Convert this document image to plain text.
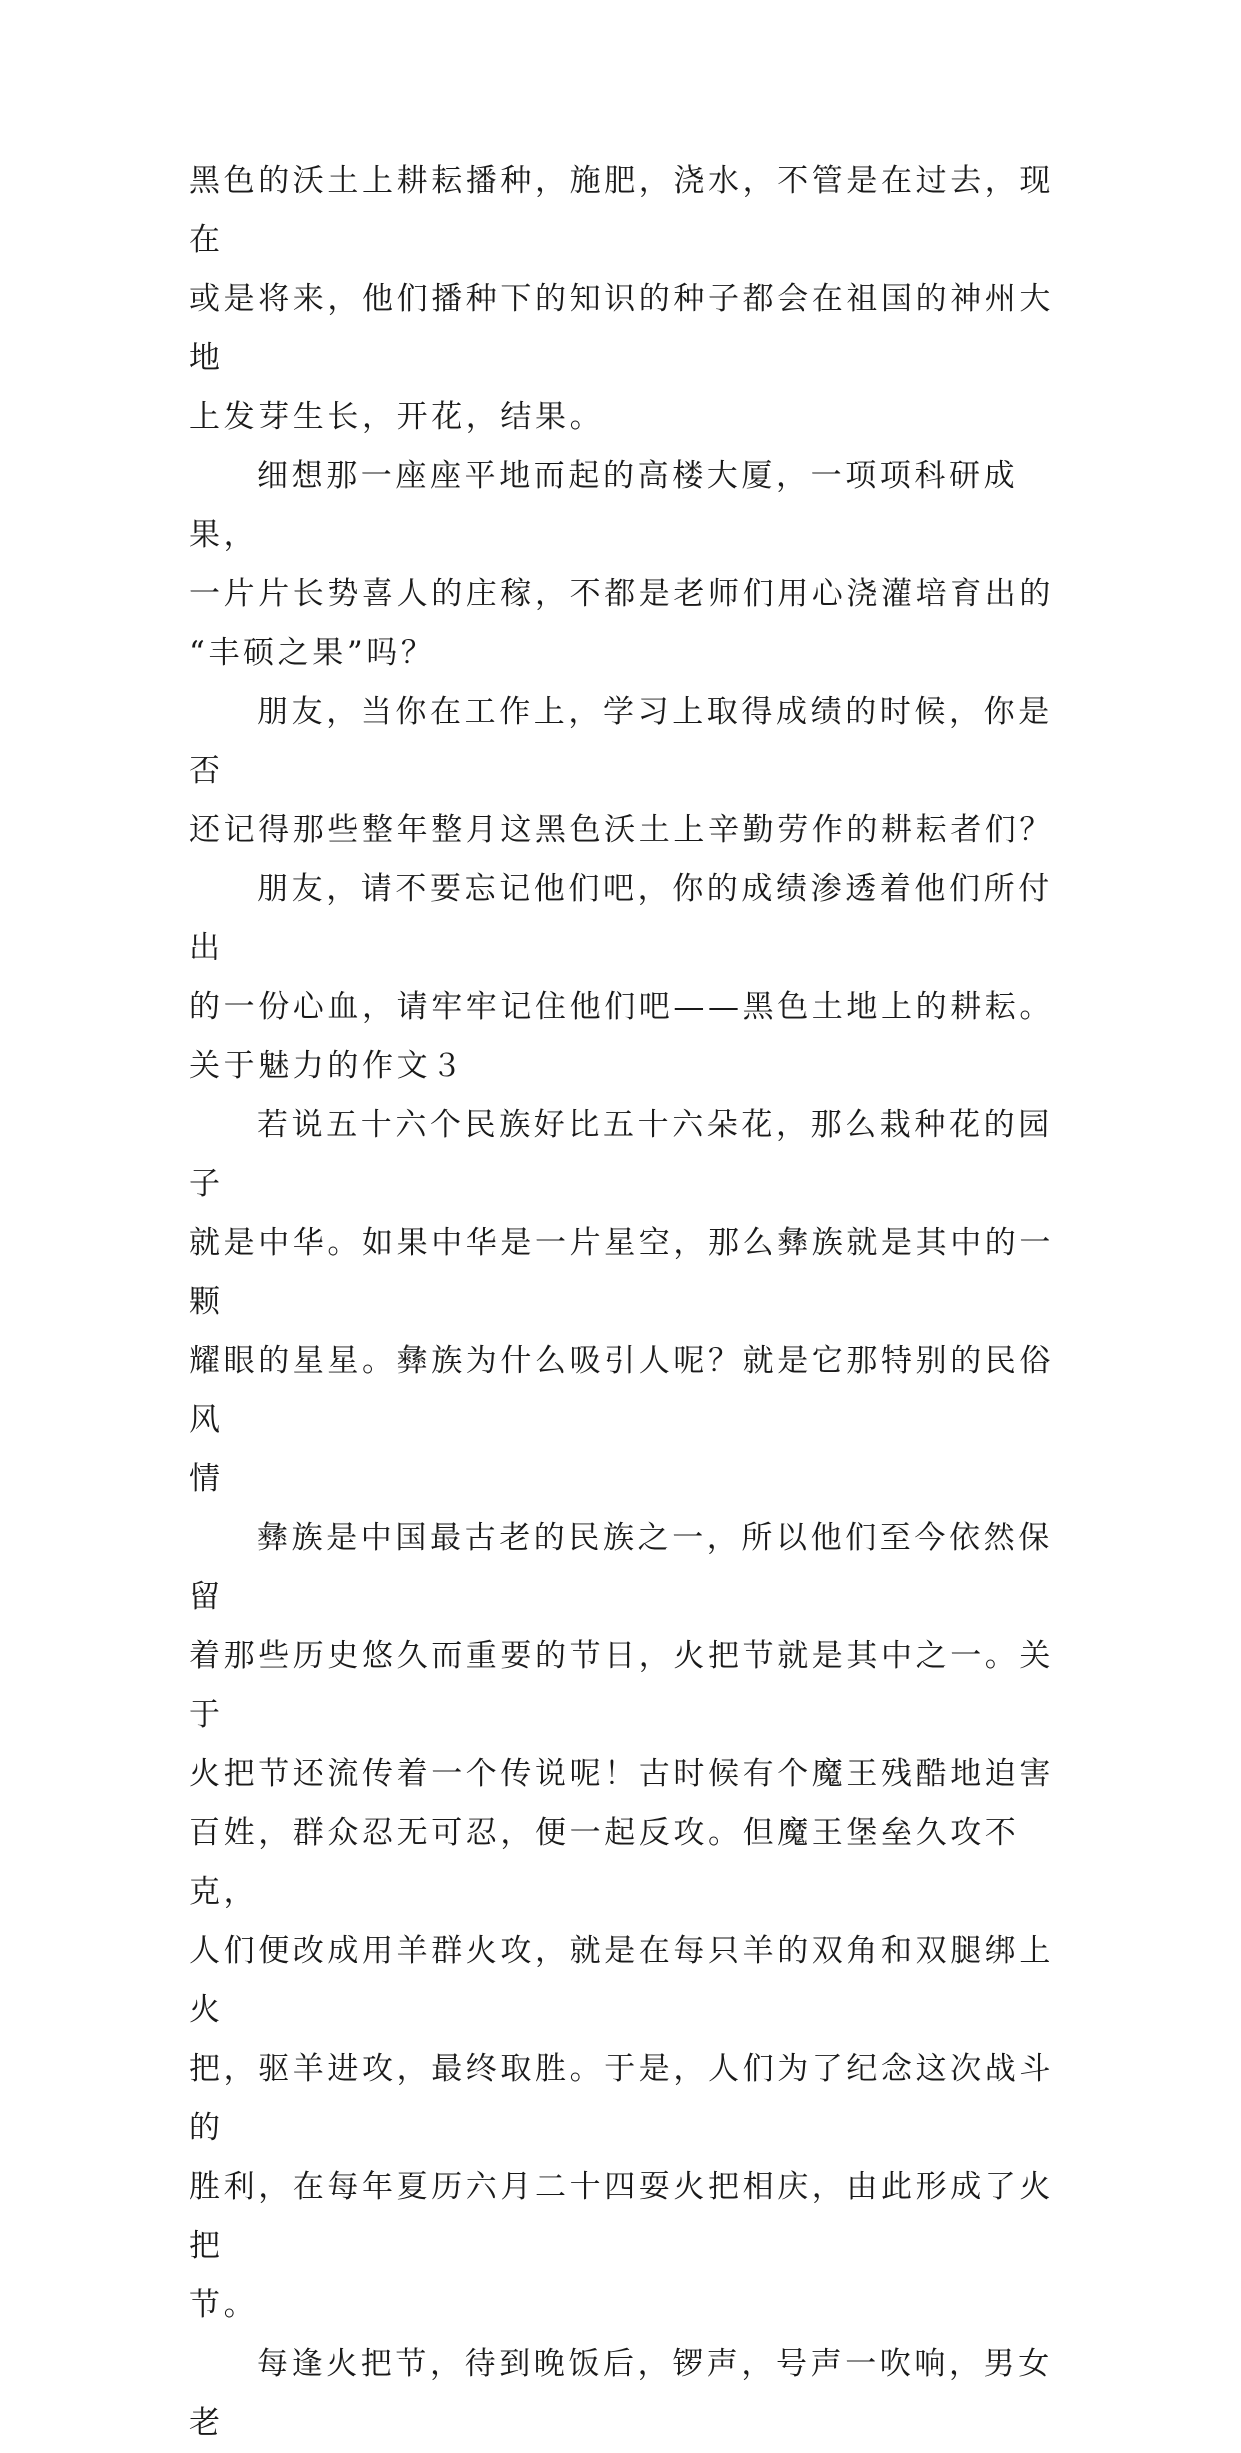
黑色的沃土上耕耘播种，施肥，浇水，不管是在过去，现在
或是将来，他们播种下的知识的种子都会在祖国的神州大地
上发芽生长，开花，结果。

细想那一座座平地而起的高楼大厦，一项项科研成果，
一片片长势喜人的庄稼，不都是老师们用心浇灌培育出的
“丰硕之果”吗？

朋友，当你在工作上，学习上取得成绩的时候，你是否
还记得那些整年整月这黑色沃土上辛勤劳作的耕耘者们？

朋友，请不要忘记他们吧，你的成绩渗透着他们所付出
的一份心血，请牢牢记住他们吧——黑色土地上的耕耘。

关于魅力的作文３

若说五十六个民族好比五十六朵花，那么栽种花的园子
就是中华。如果中华是一片星空，那么彝族就是其中的一颗
耀眼的星星。彝族为什么吸引人呢？就是它那特别的民俗风
情

彝族是中国最古老的民族之一，所以他们至今依然保留
着那些历史悠久而重要的节日，火把节就是其中之一。关于
火把节还流传着一个传说呢！古时候有个魔王残酷地迫害
百姓，群众忍无可忍，便一起反攻。但魔王堡垒久攻不克，
人们便改成用羊群火攻，就是在每只羊的双角和双腿绑上火
把，驱羊进攻，最终取胜。于是，人们为了纪念这次战斗的
胜利，在每年夏历六月二十四耍火把相庆，由此形成了火把
节。

每逢火把节，待到晚饭后，锣声，号声一吹响，男女老
